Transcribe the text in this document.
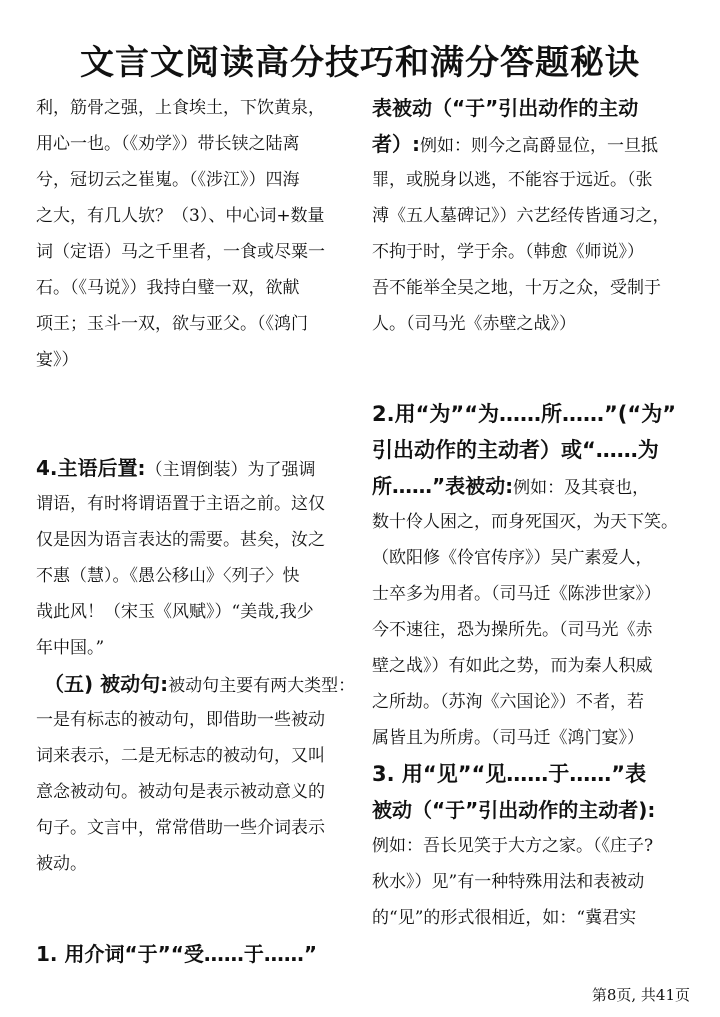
文言文阅读高分技巧和满分答题秘诀
利，筋骨之强，上食埃土，下饮黄泉，
用心一也。（《劝学》）带长铗之陆离
兮，冠切云之崔嵬。（《涉江》）四海
之大，有几人欤？（3）、中心词+数量
词（定语）马之千里者，一食或尽粟一
石。（《马说》）我持白璧一双，欲献
项王；玉斗一双，欲与亚父。（《鸿门
宴》）
4.主语后置:（主谓倒装）为了强调
谓语，有时将谓语置于主语之前。这仅
仅是因为语言表达的需要。甚矣，汝之
不惠（慧）。《愚公移山》〈列子〉快
哉此风！（宋玉《风赋》）“美哉,我少
年中国。”
（五) 被动句:被动句主要有两大类型：
一是有标志的被动句，即借助一些被动
词来表示，二是无标志的被动句，又叫
意念被动句。被动句是表示被动意义的
句子。文言中，常常借助一些介词表示
被动。
1. 用介词“于”“受……于……”
表被动（“于”引出动作的主动
者）:例如：则今之高爵显位，一旦抵
罪，或脱身以逃，不能容于远近。（张
溥《五人墓碑记》）六艺经传皆通习之，
不拘于时，学于余。（韩愈《师说》）
吾不能举全吴之地，十万之众，受制于
人。（司马光《赤壁之战》）
2.用“为”“为……所……”(“为”
引出动作的主动者）或“……为
所……”表被动:例如：及其衰也，
数十伶人困之，而身死国灭，为天下笑。
（欧阳修《伶官传序》）吴广素爱人，
士卒多为用者。（司马迁《陈涉世家》）
今不速往，恐为操所先。（司马光《赤
壁之战》）有如此之势，而为秦人积威
之所劫。（苏洵《六国论》）不者，若
属皆且为所虏。（司马迁《鸿门宴》）
3. 用“见”“见……于……”表
被动（“于”引出动作的主动者):
例如：吾长见笑于大方之家。（《庄子?
秋水》）见”有一种特殊用法和表被动
的“见”的形式很相近，如：“冀君实
第8页, 共41页
